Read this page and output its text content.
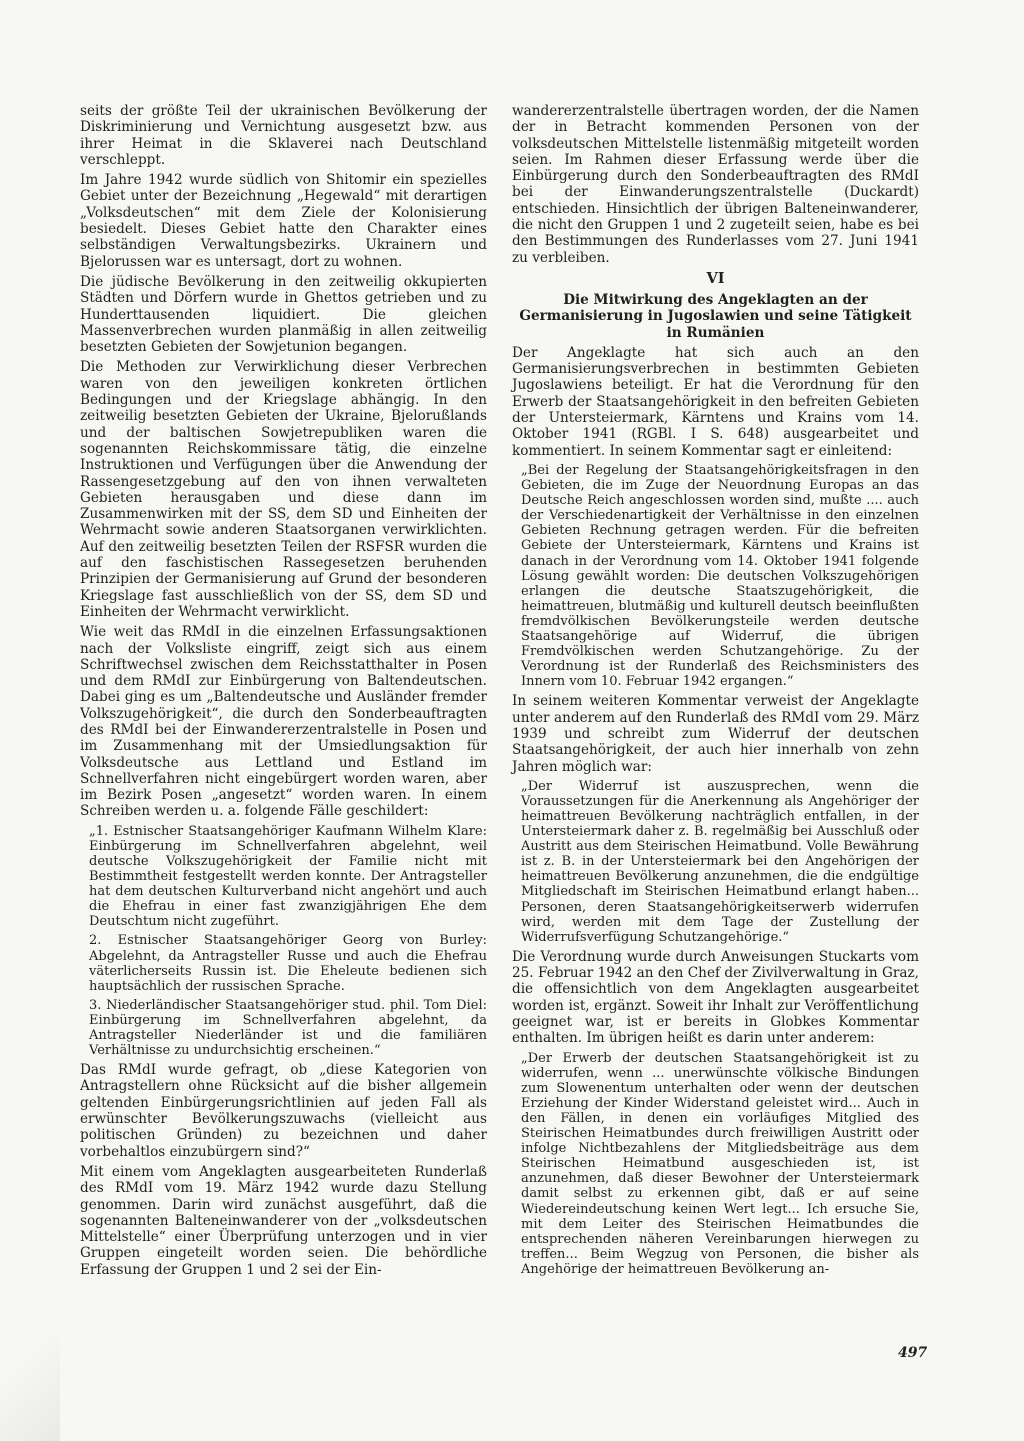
seits der größte Teil der ukrainischen Bevölkerung der Diskriminierung und Vernichtung ausgesetzt bzw. aus ihrer Heimat in die Sklaverei nach Deutschland verschleppt.

Im Jahre 1942 wurde südlich von Shitomir ein spezielles Gebiet unter der Bezeichnung „Hegewald“ mit derartigen „Volksdeutschen“ mit dem Ziele der Kolonisierung besiedelt. Dieses Gebiet hatte den Charakter eines selbständigen Verwaltungsbezirks. Ukrainern und Bjelorussen war es untersagt, dort zu wohnen.

Die jüdische Bevölkerung in den zeitweilig okkupierten Städten und Dörfern wurde in Ghettos getrieben und zu Hunderttausenden liquidiert. Die gleichen Massenverbrechen wurden planmäßig in allen zeitweilig besetzten Gebieten der Sowjetunion begangen.

Die Methoden zur Verwirklichung dieser Verbrechen waren von den jeweiligen konkreten örtlichen Bedingungen und der Kriegslage abhängig. In den zeitweilig besetzten Gebieten der Ukraine, Bjelorußlands und der baltischen Sowjetrepubliken waren die sogenannten Reichskommissare tätig, die einzelne Instruktionen und Verfügungen über die Anwendung der Rassengesetzgebung auf den von ihnen verwalteten Gebieten herausgaben und diese dann im Zusammenwirken mit der SS, dem SD und Einheiten der Wehrmacht sowie anderen Staatsorganen verwirklichten. Auf den zeitweilig besetzten Teilen der RSFSR wurden die auf den faschistischen Rassegesetzen beruhenden Prinzipien der Germanisierung auf Grund der besonderen Kriegslage fast ausschließlich von der SS, dem SD und Einheiten der Wehrmacht verwirklicht.

Wie weit das RMdI in die einzelnen Erfassungsaktionen nach der Volksliste eingriff, zeigt sich aus einem Schriftwechsel zwischen dem Reichsstatthalter in Posen und dem RMdI zur Einbürgerung von Baltendeutschen. Dabei ging es um „Baltendeutsche und Ausländer fremder Volkszugehörigkeit“, die durch den Sonderbeauftragten des RMdI bei der Einwandererzentralstelle in Posen und im Zusammenhang mit der Umsiedlungsaktion für Volksdeutsche aus Lettland und Estland im Schnellverfahren nicht eingebürgert worden waren, aber im Bezirk Posen „angesetzt“ worden waren. In einem Schreiben werden u. a. folgende Fälle geschildert:

„1. Estnischer Staatsangehöriger Kaufmann Wilhelm Klare: Einbürgerung im Schnellverfahren abgelehnt, weil deutsche Volkszugehörigkeit der Familie nicht mit Bestimmtheit festgestellt werden konnte. Der Antragsteller hat dem deutschen Kulturverband nicht angehört und auch die Ehefrau in einer fast zwanzigjährigen Ehe dem Deutschtum nicht zugeführt.
2. Estnischer Staatsangehöriger Georg von Burley: Abgelehnt, da Antragsteller Russe und auch die Ehefrau väterlicherseits Russin ist. Die Eheleute bedienen sich hauptsächlich der russischen Sprache.
3. Niederländischer Staatsangehöriger stud. phil. Tom Diel: Einbürgerung im Schnellverfahren abgelehnt, da Antragsteller Niederländer ist und die familiären Verhältnisse zu undurchsichtig erscheinen.“

Das RMdI wurde gefragt, ob „diese Kategorien von Antragstellern ohne Rücksicht auf die bisher allgemein geltenden Einbürgerungsrichtlinien auf jeden Fall als erwünschter Bevölkerungszuwachs (vielleicht aus politischen Gründen) zu bezeichnen und daher vorbehaltlos einzubürgern sind?“

Mit einem vom Angeklagten ausgearbeiteten Runderlaß des RMdI vom 19. März 1942 wurde dazu Stellung genommen. Darin wird zunächst ausgeführt, daß die sogenannten Balteneinwanderer von der „volksdeutschen Mittelstelle“ einer Überprüfung unterzogen und in vier Gruppen eingeteilt worden seien. Die behördliche Erfassung der Gruppen 1 und 2 sei der Ein-

wandererzentralstelle übertragen worden, der die Namen der in Betracht kommenden Personen von der volksdeutschen Mittelstelle listenmäßig mitgeteilt worden seien. Im Rahmen dieser Erfassung werde über die Einbürgerung durch den Sonderbeauftragten des RMdI bei der Einwanderungszentralstelle (Duckardt) entschieden. Hinsichtlich der übrigen Balteneinwanderer, die nicht den Gruppen 1 und 2 zugeteilt seien, habe es bei den Bestimmungen des Runderlasses vom 27. Juni 1941 zu verbleiben.

VI
Die Mitwirkung des Angeklagten an der Germanisierung in Jugoslawien und seine Tätigkeit in Rumänien

Der Angeklagte hat sich auch an den Germanisierungsverbrechen in bestimmten Gebieten Jugoslawiens beteiligt. Er hat die Verordnung für den Erwerb der Staatsangehörigkeit in den befreiten Gebieten der Untersteiermark, Kärntens und Krains vom 14. Oktober 1941 (RGBl. I S. 648) ausgearbeitet und kommentiert. In seinem Kommentar sagt er einleitend:

„Bei der Regelung der Staatsangehörigkeitsfragen in den Gebieten, die im Zuge der Neuordnung Europas an das Deutsche Reich angeschlossen worden sind, mußte .... auch der Verschiedenartigkeit der Verhältnisse in den einzelnen Gebieten Rechnung getragen werden. Für die befreiten Gebiete der Untersteiermark, Kärntens und Krains ist danach in der Verordnung vom 14. Oktober 1941 folgende Lösung gewählt worden: Die deutschen Volkszugehörigen erlangen die deutsche Staatszugehörigkeit, die heimattreuen, blutmäßig und kulturell deutsch beeinflußten fremdvölkischen Bevölkerungsteile werden deutsche Staatsangehörige auf Widerruf, die übrigen Fremdvölkischen werden Schutzangehörige. Zu der Verordnung ist der Runderlaß des Reichsministers des Innern vom 10. Februar 1942 ergangen.“

In seinem weiteren Kommentar verweist der Angeklagte unter anderem auf den Runderlaß des RMdI vom 29. März 1939 und schreibt zum Widerruf der deutschen Staatsangehörigkeit, der auch hier innerhalb von zehn Jahren möglich war:

„Der Widerruf ist auszusprechen, wenn die Voraussetzungen für die Anerkennung als Angehöriger der heimattreuen Bevölkerung nachträglich entfallen, in der Untersteiermark daher z. B. regelmäßig bei Ausschluß oder Austritt aus dem Steirischen Heimatbund. Volle Bewährung ist z. B. in der Untersteiermark bei den Angehörigen der heimattreuen Bevölkerung anzunehmen, die die endgültige Mitgliedschaft im Steirischen Heimatbund erlangt haben... Personen, deren Staatsangehörigkeitserwerb widerrufen wird, werden mit dem Tage der Zustellung der Widerrufsverfügung Schutzangehörige.“

Die Verordnung wurde durch Anweisungen Stuckarts vom 25. Februar 1942 an den Chef der Zivilverwaltung in Graz, die offensichtlich von dem Angeklagten ausgearbeitet worden ist, ergänzt. Soweit ihr Inhalt zur Veröffentlichung geeignet war, ist er bereits in Globkes Kommentar enthalten. Im übrigen heißt es darin unter anderem:

„Der Erwerb der deutschen Staatsangehörigkeit ist zu widerrufen, wenn ... unerwünschte völkische Bindungen zum Slowenentum unterhalten oder wenn der deutschen Erziehung der Kinder Widerstand geleistet wird... Auch in den Fällen, in denen ein vorläufiges Mitglied des Steirischen Heimatbundes durch freiwilligen Austritt oder infolge Nichtbezahlens der Mitgliedsbeiträge aus dem Steirischen Heimatbund ausgeschieden ist, ist anzunehmen, daß dieser Bewohner der Untersteiermark damit selbst zu erkennen gibt, daß er auf seine Wiedereindeutschung keinen Wert legt... Ich ersuche Sie, mit dem Leiter des Steirischen Heimatbundes die entsprechenden näheren Vereinbarungen hierwegen zu treffen... Beim Wegzug von Personen, die bisher als Angehörige der heimattreuen Bevölkerung an-
497
